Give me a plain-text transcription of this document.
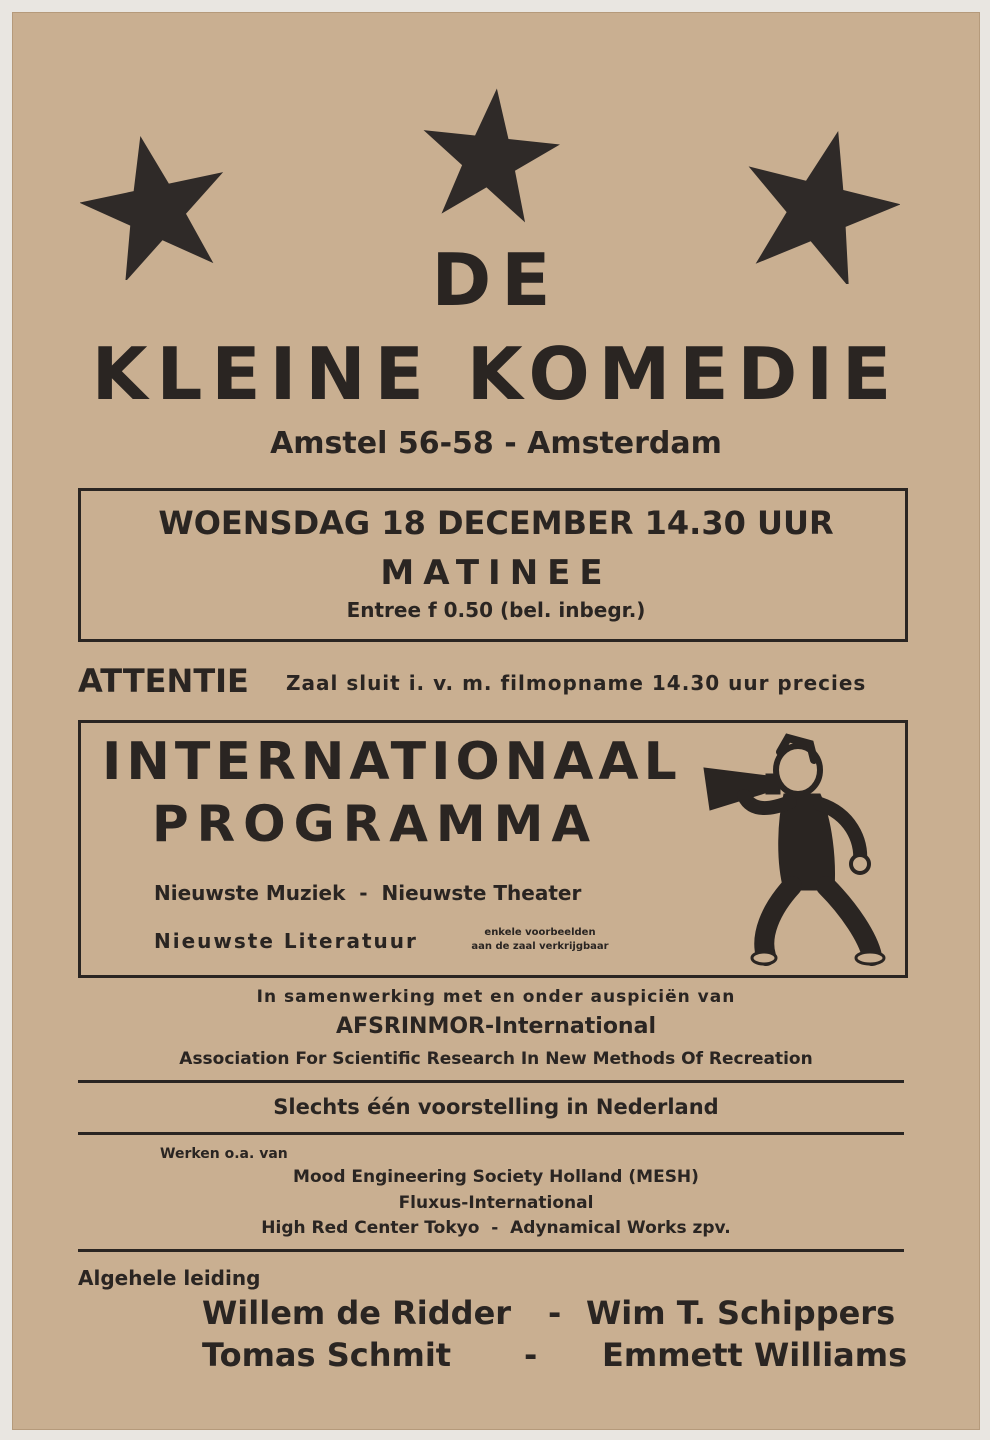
DE
KLEINE KOMEDIE
Amstel 56-58 - Amsterdam
WOENSDAG 18 DECEMBER 14.30 UUR
MATINEE
Entree f 0.50 (bel. inbegr.)
ATTENTIE Zaal sluit i. v. m. filmopname 14.30 uur precies
INTERNATIONAAL
PROGRAMMA
Nieuwste Muziek  -  Nieuwste Theater
Nieuwste Literatuur	enkele voorbeelden
aan de zaal verkrijgbaar
In samenwerking met en onder auspiciën van
AFSRINMOR-International
Association For Scientific Research In New Methods Of Recreation
Slechts één voorstelling in Nederland
Werken o.a. van
Mood Engineering Society Holland (MESH)
Fluxus-International
High Red Center Tokyo  -  Adynamical Works zpv.
Algehele leiding
Willem de Ridder - Wim T. Schippers
Tomas Schmit - Emmett Williams
